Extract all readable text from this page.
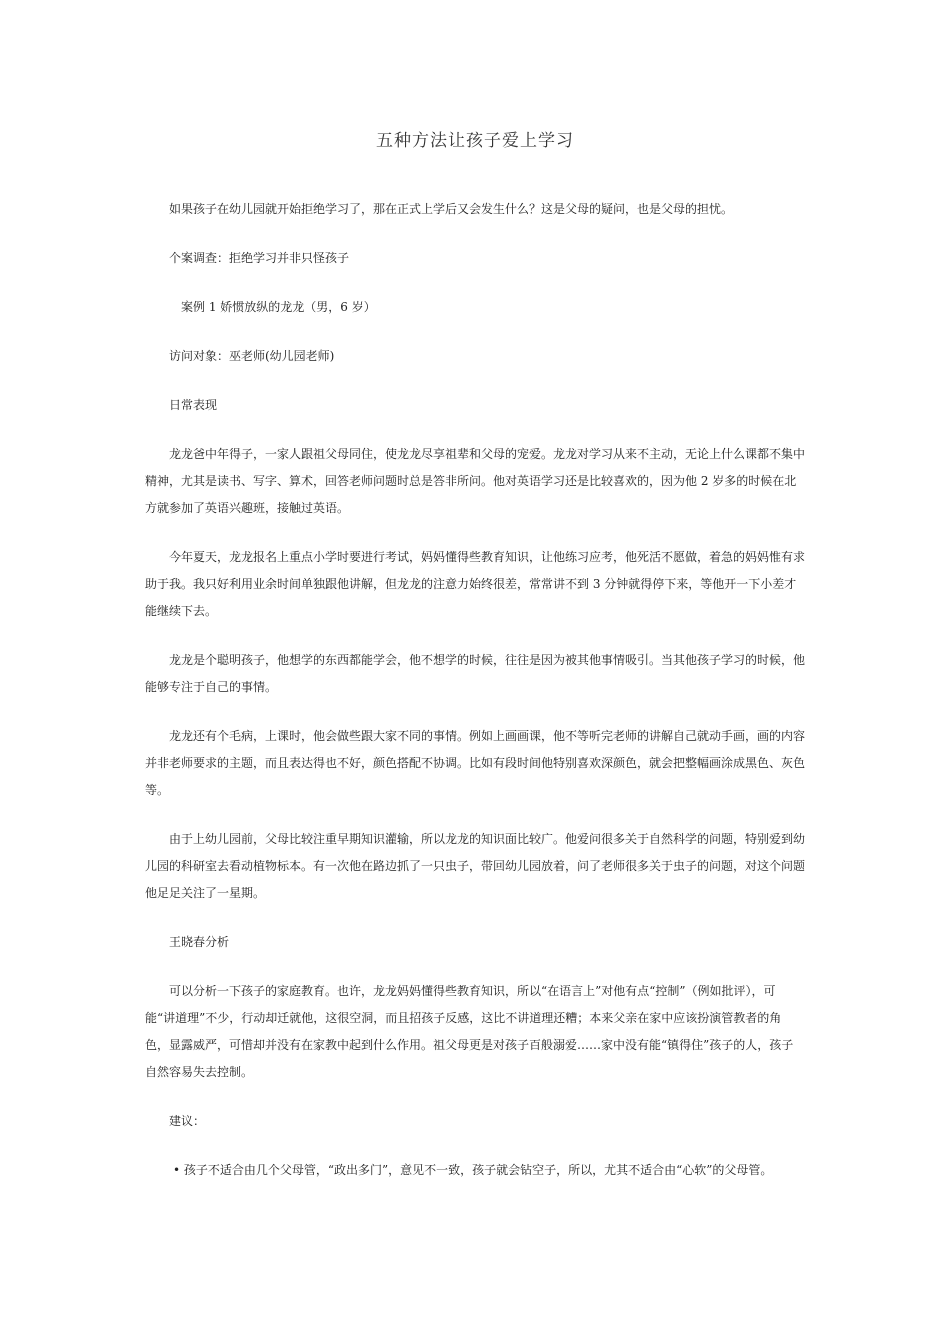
五种方法让孩子爱上学习

如果孩子在幼儿园就开始拒绝学习了，那在正式上学后又会发生什么？这是父母的疑问，也是父母的担忧。

个案调查：拒绝学习并非只怪孩子

案例 1 娇惯放纵的龙龙（男，6 岁）

访问对象：巫老师(幼儿园老师)

日常表现

龙龙爸中年得子，一家人跟祖父母同住，使龙龙尽享祖辈和父母的宠爱。龙龙对学习从来不主动，无论上什么课都不集中精神，尤其是读书、写字、算术，回答老师问题时总是答非所问。他对英语学习还是比较喜欢的，因为他 2 岁多的时候在北方就参加了英语兴趣班，接触过英语。

今年夏天，龙龙报名上重点小学时要进行考试，妈妈懂得些教育知识，让他练习应考，他死活不愿做，着急的妈妈惟有求助于我。我只好利用业余时间单独跟他讲解，但龙龙的注意力始终很差，常常讲不到 3 分钟就得停下来，等他开一下小差才能继续下去。

龙龙是个聪明孩子，他想学的东西都能学会，他不想学的时候，往往是因为被其他事情吸引。当其他孩子学习的时候，他能够专注于自己的事情。

龙龙还有个毛病，上课时，他会做些跟大家不同的事情。例如上画画课，他不等听完老师的讲解自己就动手画，画的内容并非老师要求的主题，而且表达得也不好，颜色搭配不协调。比如有段时间他特别喜欢深颜色，就会把整幅画涂成黑色、灰色等。

由于上幼儿园前，父母比较注重早期知识灌输，所以龙龙的知识面比较广。他爱问很多关于自然科学的问题，特别爱到幼儿园的科研室去看动植物标本。有一次他在路边抓了一只虫子，带回幼儿园放着，问了老师很多关于虫子的问题，对这个问题他足足关注了一星期。

王晓春分析

可以分析一下孩子的家庭教育。也许，龙龙妈妈懂得些教育知识，所以“在语言上”对他有点“控制”（例如批评），可能“讲道理”不少，行动却迁就他，这很空洞，而且招孩子反感，这比不讲道理还糟；本来父亲在家中应该扮演管教者的角色，显露威严，可惜却并没有在家教中起到什么作用。祖父母更是对孩子百般溺爱……家中没有能“镇得住”孩子的人，孩子自然容易失去控制。

建议：

• 孩子不适合由几个父母管，“政出多门”，意见不一致，孩子就会钻空子，所以，尤其不适合由“心软”的父母管。
